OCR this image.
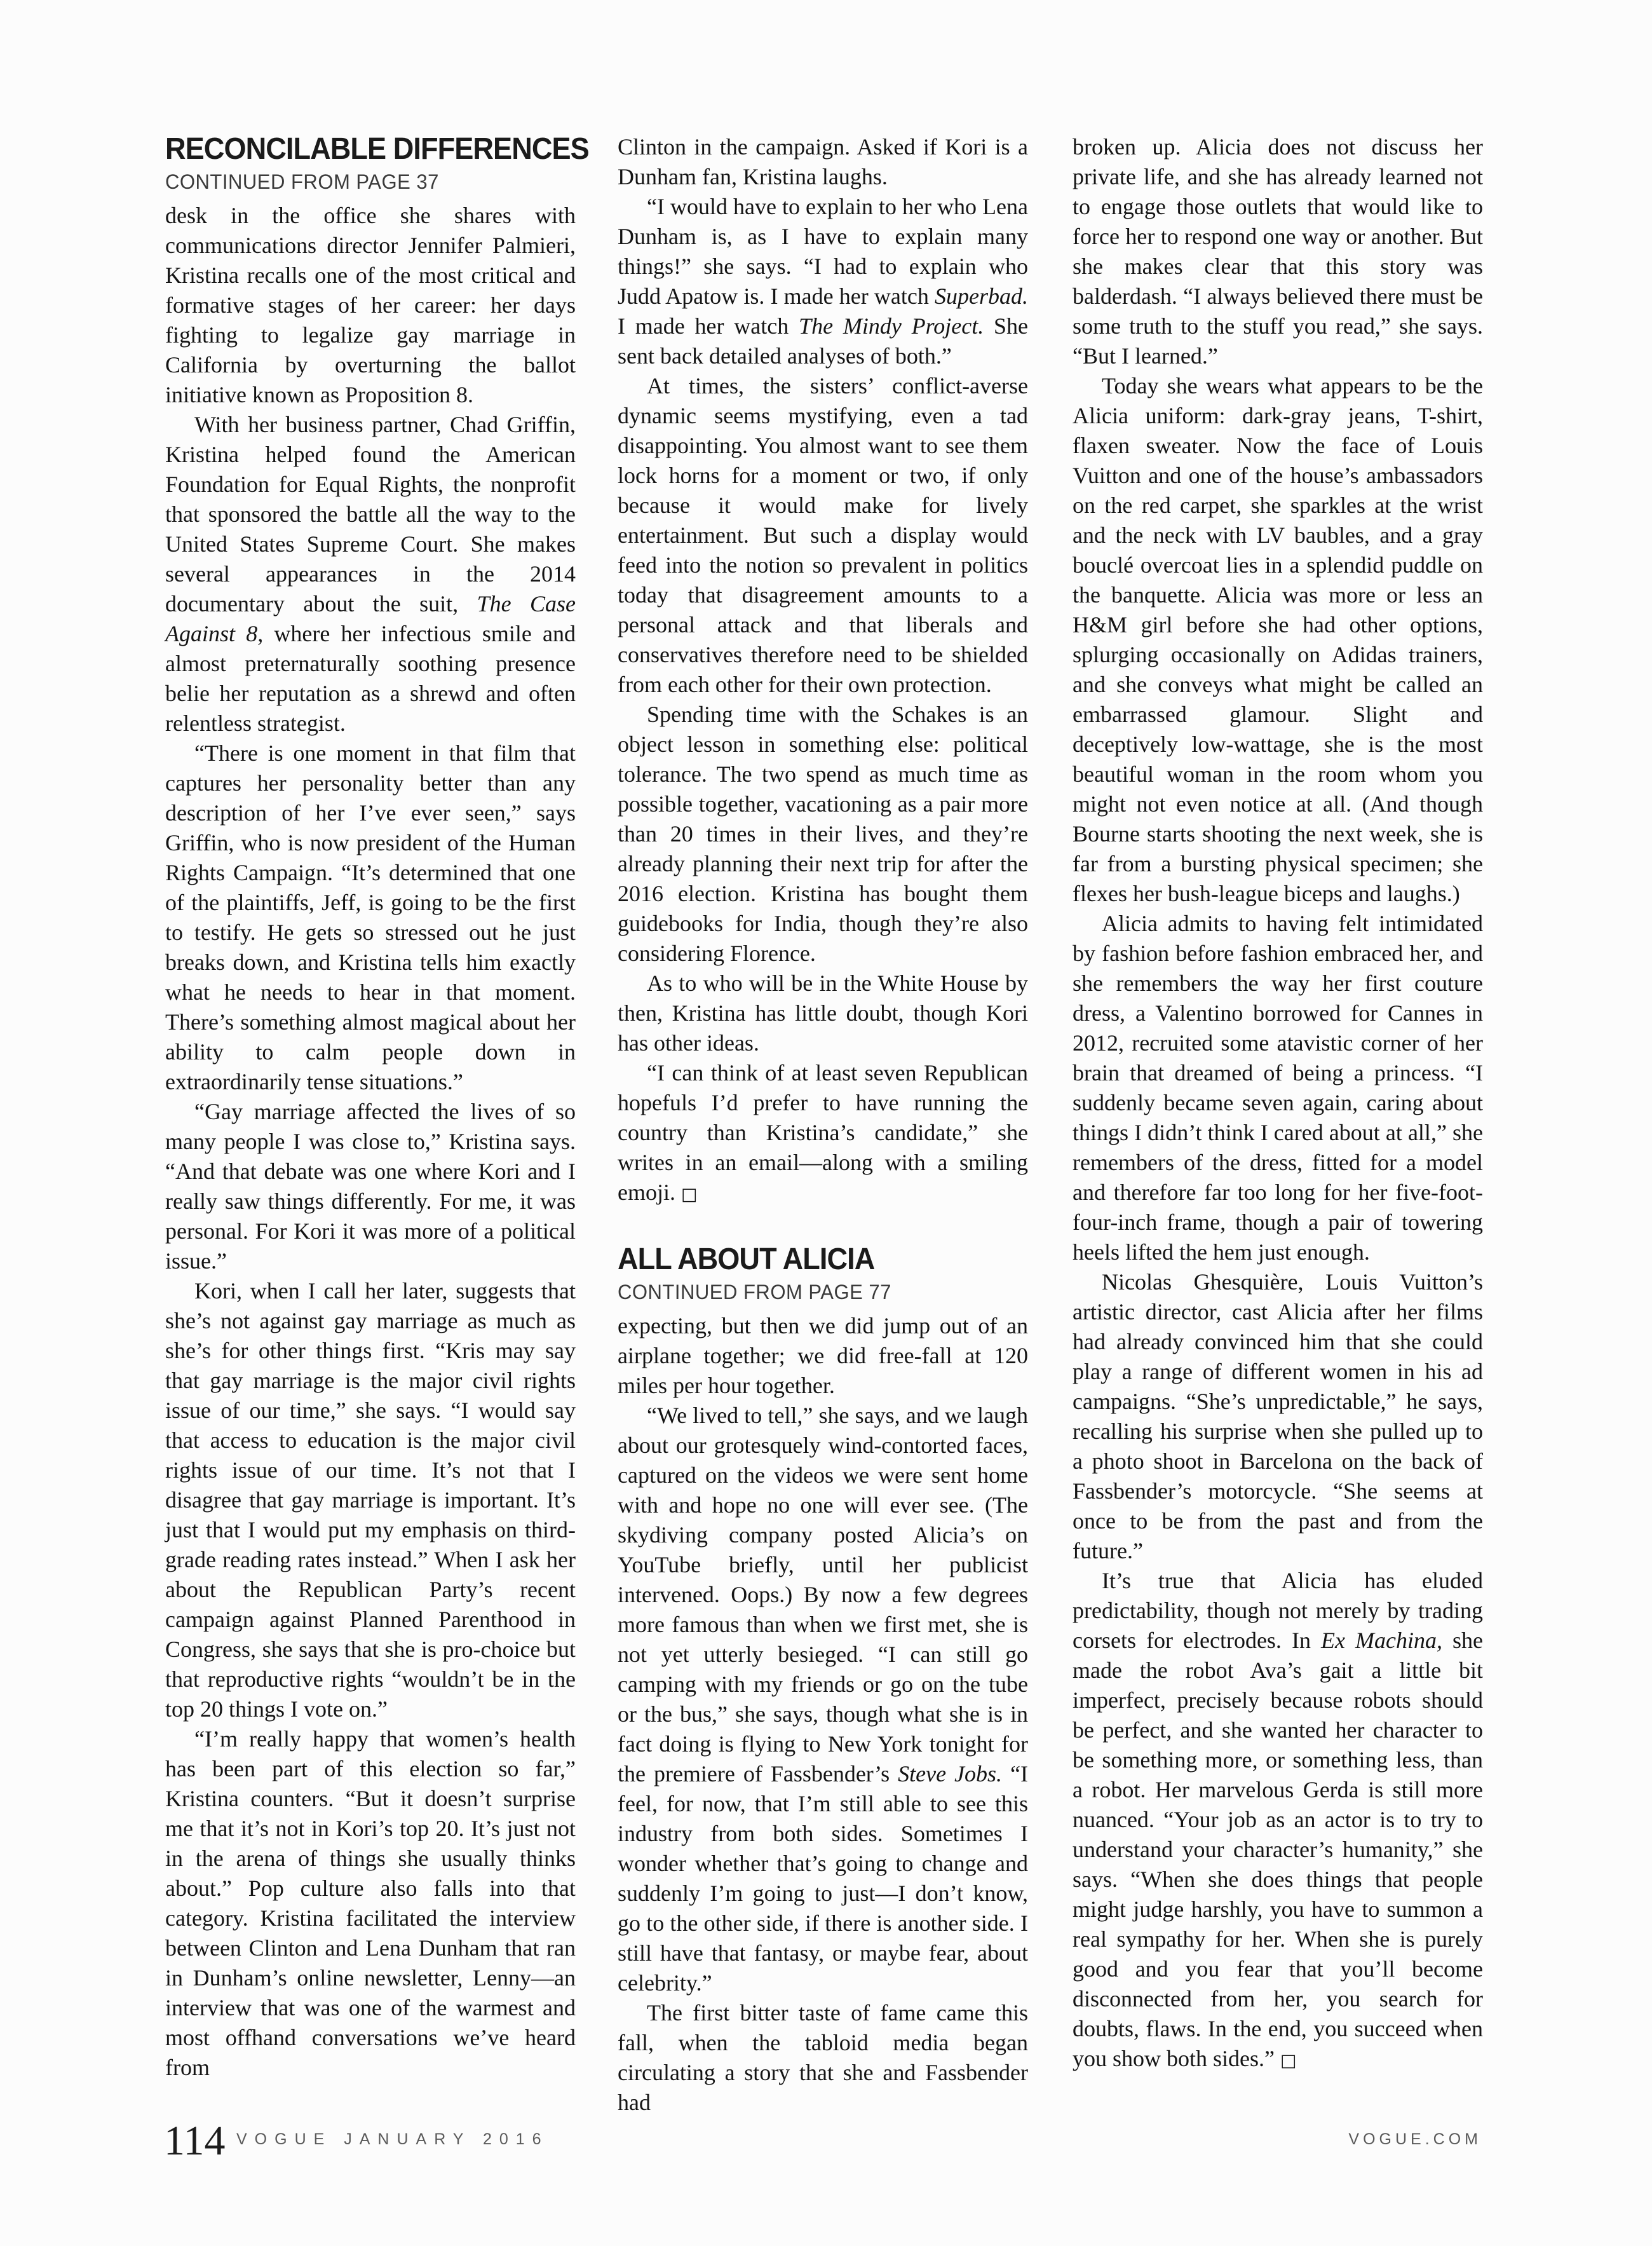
RECONCILABLE DIFFERENCES
CONTINUED FROM PAGE 37

desk in the office she shares with communications director Jennifer Palmieri, Kristina recalls one of the most critical and formative stages of her career: her days fighting to legalize gay marriage in California by overturning the ballot initiative known as Proposition 8.

With her business partner, Chad Griffin, Kristina helped found the American Foundation for Equal Rights, the nonprofit that sponsored the battle all the way to the United States Supreme Court. She makes several appearances in the 2014 documentary about the suit, The Case Against 8, where her infectious smile and almost preternaturally soothing presence belie her reputation as a shrewd and often relentless strategist.

“There is one moment in that film that captures her personality better than any description of her I’ve ever seen,” says Griffin, who is now president of the Human Rights Campaign. “It’s determined that one of the plaintiffs, Jeff, is going to be the first to testify. He gets so stressed out he just breaks down, and Kristina tells him exactly what he needs to hear in that moment. There’s something almost magical about her ability to calm people down in extraordinarily tense situations.”

“Gay marriage affected the lives of so many people I was close to,” Kristina says. “And that debate was one where Kori and I really saw things differently. For me, it was personal. For Kori it was more of a political issue.”

Kori, when I call her later, suggests that she’s not against gay marriage as much as she’s for other things first. “Kris may say that gay marriage is the major civil rights issue of our time,” she says. “I would say that access to education is the major civil rights issue of our time. It’s not that I disagree that gay marriage is important. It’s just that I would put my emphasis on third-grade reading rates instead.” When I ask her about the Republican Party’s recent campaign against Planned Parenthood in Congress, she says that she is pro-choice but that reproductive rights “wouldn’t be in the top 20 things I vote on.”

“I’m really happy that women’s health has been part of this election so far,” Kristina counters. “But it doesn’t surprise me that it’s not in Kori’s top 20. It’s just not in the arena of things she usually thinks about.” Pop culture also falls into that category. Kristina facilitated the interview between Clinton and Lena Dunham that ran in Dunham’s online newsletter, Lenny—an interview that was one of the warmest and most offhand conversations we’ve heard from

Clinton in the campaign. Asked if Kori is a Dunham fan, Kristina laughs.

“I would have to explain to her who Lena Dunham is, as I have to explain many things!” she says. “I had to explain who Judd Apatow is. I made her watch Superbad. I made her watch The Mindy Project. She sent back detailed analyses of both.”

At times, the sisters’ conflict-averse dynamic seems mystifying, even a tad disappointing. You almost want to see them lock horns for a moment or two, if only because it would make for lively entertainment. But such a display would feed into the notion so prevalent in politics today that disagreement amounts to a personal attack and that liberals and conservatives therefore need to be shielded from each other for their own protection.

Spending time with the Schakes is an object lesson in something else: political tolerance. The two spend as much time as possible together, vacationing as a pair more than 20 times in their lives, and they’re already planning their next trip for after the 2016 election. Kristina has bought them guidebooks for India, though they’re also considering Florence.

As to who will be in the White House by then, Kristina has little doubt, though Kori has other ideas.

“I can think of at least seven Republican hopefuls I’d prefer to have running the country than Kristina’s candidate,” she writes in an email—along with a smiling emoji. □

ALL ABOUT ALICIA
CONTINUED FROM PAGE 77

expecting, but then we did jump out of an airplane together; we did free-fall at 120 miles per hour together.

“We lived to tell,” she says, and we laugh about our grotesquely wind-contorted faces, captured on the videos we were sent home with and hope no one will ever see. (The skydiving company posted Alicia’s on YouTube briefly, until her publicist intervened. Oops.) By now a few degrees more famous than when we first met, she is not yet utterly besieged. “I can still go camping with my friends or go on the tube or the bus,” she says, though what she is in fact doing is flying to New York tonight for the premiere of Fassbender’s Steve Jobs. “I feel, for now, that I’m still able to see this industry from both sides. Sometimes I wonder whether that’s going to change and suddenly I’m going to just—I don’t know, go to the other side, if there is another side. I still have that fantasy, or maybe fear, about celebrity.”

The first bitter taste of fame came this fall, when the tabloid media began circulating a story that she and Fassbender had

broken up. Alicia does not discuss her private life, and she has already learned not to engage those outlets that would like to force her to respond one way or another. But she makes clear that this story was balderdash. “I always believed there must be some truth to the stuff you read,” she says. “But I learned.”

Today she wears what appears to be the Alicia uniform: dark-gray jeans, T-shirt, flaxen sweater. Now the face of Louis Vuitton and one of the house’s ambassadors on the red carpet, she sparkles at the wrist and the neck with LV baubles, and a gray bouclé overcoat lies in a splendid puddle on the banquette. Alicia was more or less an H&M girl before she had other options, splurging occasionally on Adidas trainers, and she conveys what might be called an embarrassed glamour. Slight and deceptively low-wattage, she is the most beautiful woman in the room whom you might not even notice at all. (And though Bourne starts shooting the next week, she is far from a bursting physical specimen; she flexes her bush-league biceps and laughs.)

Alicia admits to having felt intimidated by fashion before fashion embraced her, and she remembers the way her first couture dress, a Valentino borrowed for Cannes in 2012, recruited some atavistic corner of her brain that dreamed of being a princess. “I suddenly became seven again, caring about things I didn’t think I cared about at all,” she remembers of the dress, fitted for a model and therefore far too long for her five-foot-four-inch frame, though a pair of towering heels lifted the hem just enough.

Nicolas Ghesquière, Louis Vuitton’s artistic director, cast Alicia after her films had already convinced him that she could play a range of different women in his ad campaigns. “She’s unpredictable,” he says, recalling his surprise when she pulled up to a photo shoot in Barcelona on the back of Fassbender’s motorcycle. “She seems at once to be from the past and from the future.”

It’s true that Alicia has eluded predictability, though not merely by trading corsets for electrodes. In Ex Machina, she made the robot Ava’s gait a little bit imperfect, precisely because robots should be perfect, and she wanted her character to be something more, or something less, than a robot. Her marvelous Gerda is still more nuanced. “Your job as an actor is to try to understand your character’s humanity,” she says. “When she does things that people might judge harshly, you have to summon a real sympathy for her. When she is purely good and you fear that you’ll become disconnected from her, you search for doubts, flaws. In the end, you succeed when you show both sides.” □

114 VOGUE JANUARY 2016	VOGUE.COM
